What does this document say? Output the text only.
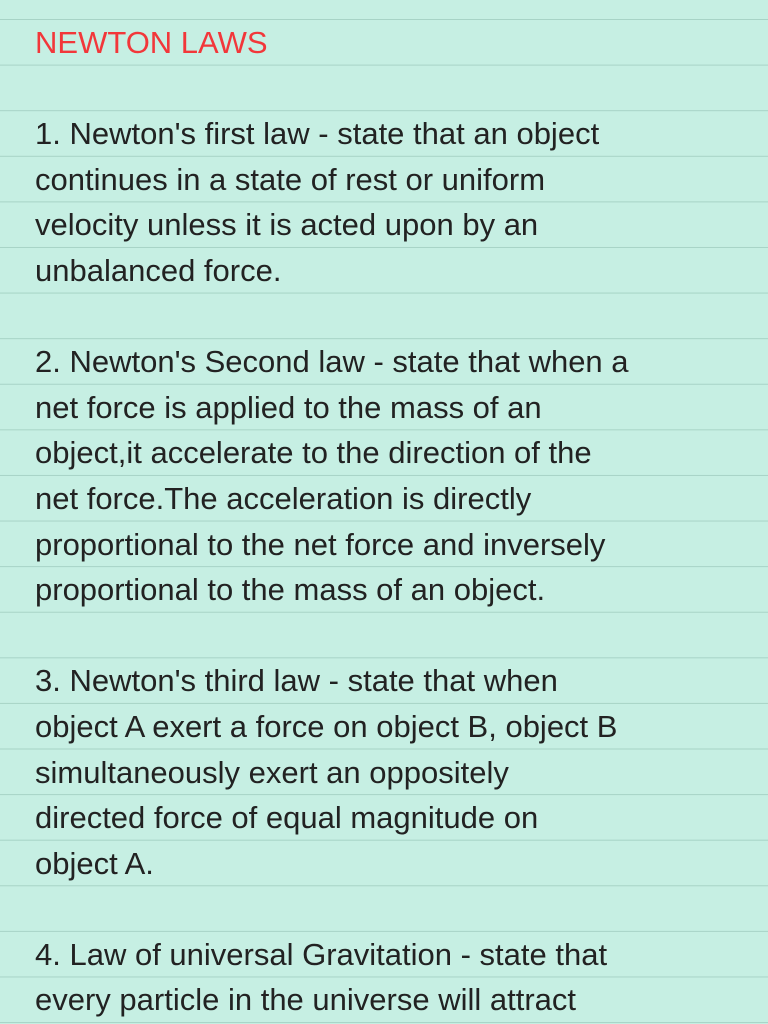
NEWTON LAWS
1. Newton's first law - state that an object
continues in a state of rest or uniform
velocity unless it is acted upon by an
unbalanced force.
2. Newton's Second law - state that when a
net force is applied to the mass of an
object,it accelerate to the direction of the
net force.The acceleration is directly
proportional to the net force and inversely
proportional to the mass of an object.
3. Newton's third law - state that when
object A exert a force on object B, object B
simultaneously exert an oppositely
directed force of equal magnitude on
object A.
4. Law of universal Gravitation - state that
every particle in the universe will attract
